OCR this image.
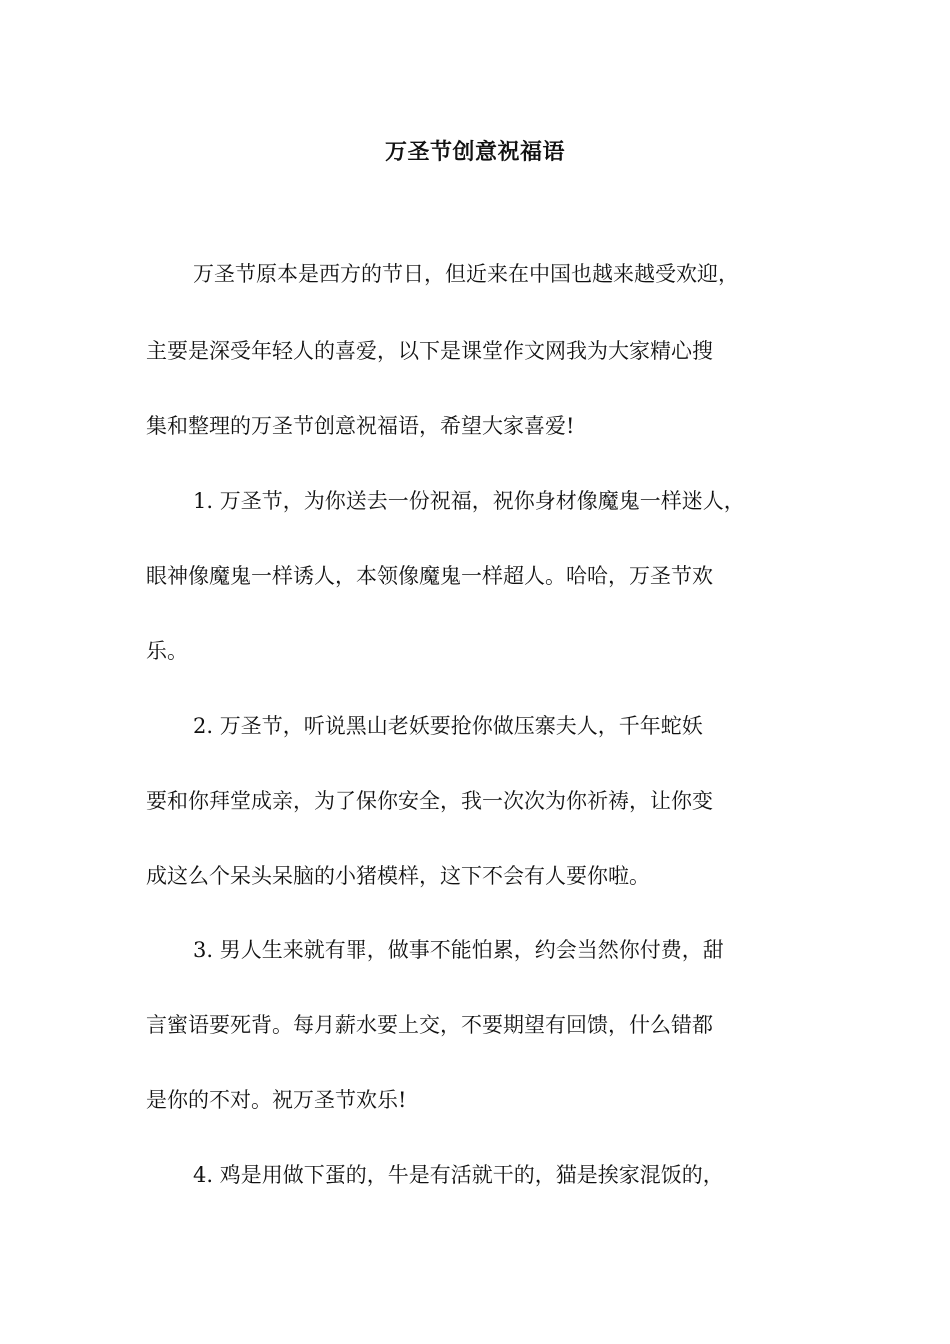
万圣节创意祝福语

万圣节原本是西方的节日，但近来在中国也越来越受欢迎，

主要是深受年轻人的喜爱，以下是课堂作文网我为大家精心搜

集和整理的万圣节创意祝福语，希望大家喜爱!

1. 万圣节，为你送去一份祝福，祝你身材像魔鬼一样迷人，

眼神像魔鬼一样诱人，本领像魔鬼一样超人。哈哈，万圣节欢

乐。

2. 万圣节，听说黑山老妖要抢你做压寨夫人，千年蛇妖

要和你拜堂成亲，为了保你安全，我一次次为你祈祷，让你变

成这么个呆头呆脑的小猪模样，这下不会有人要你啦。

3. 男人生来就有罪，做事不能怕累，约会当然你付费，甜

言蜜语要死背。每月薪水要上交，不要期望有回馈，什么错都

是你的不对。祝万圣节欢乐!

4. 鸡是用做下蛋的，牛是有活就干的，猫是挨家混饭的，
